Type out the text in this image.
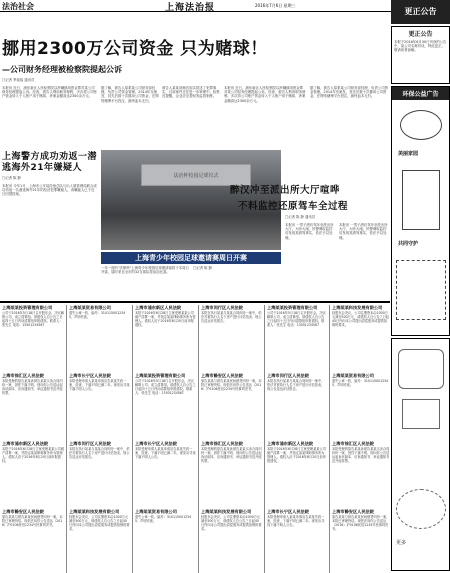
法治社会	上海法治报	2016年7月6日 星期三
更正公告
更正公告
本报于2016年6月30日刊登的公告中，某公司名称有误，特此更正。敬请读者谅解。
环保公益广告
美丽家园
共同守护
挪用2300万公司资金 只为赌球！
—公司财务经理被检察院提起公诉
□记者 季瑶瑶 通讯员
本报讯 近日，浦东新区人民检察院以涉嫌挪用资金罪对某公司财务经理提起公诉。经查，被告人利用职务便利，多次将公司账户资金转入个人账户用于赌球，涉案金额高达2300余万元。
据了解，被告人原系某公司财务部经理，负责公司资金管理。2014年至案发，其先后数十次挪用公司资金，在网络赌博平台投注，最终血本无归。
被告人某某到案后如实供述了犯罪事实，目前案件正在进一步审理中。检察官提醒，企业应完善财务监管制度。
本报讯 近日，浦东新区人民检察院以涉嫌挪用资金罪对某公司财务经理提起公诉。经查，被告人利用职务便利，多次将公司账户资金转入个人账户用于赌球，涉案金额高达2300余万元。
据了解，被告人原系某公司财务部经理，负责公司资金管理。2014年至案发，其先后数十次挪用公司资金，在网络赌博平台投注，最终血本无归。
上海警方成功劝返一潜逃海外21年嫌疑人
□记者 陈 静
本报讯 今年1月，上海市公安局经侦总队与出入境管理局联合成功劝返一名潜逃海外21年的经济犯罪嫌疑人，该嫌疑人已于近日回国投案。
法治杯校园足球仪式
上海青少年校园足球邀请赛周日开赛
一年一度的"法律杯"上海青少年校园足球邀请赛将于本周日开赛，届时来自全市的32支球队将参加比赛。
□记者 陈 静
醉汉冲至派出所大厅喧哗
不料监控还原驾车全过程
□记者 陈 静 通讯员
本报讯 一男子酒后驾车至派出所大厅，大吵大闹。民警调取监控后发现其酒驾事实，依法予以处理。
本报讯 一男子酒后驾车至派出所大厅，大吵大闹。民警调取监控后发现其酒驾事实，依法予以处理。
上海某某投资管理有限公司
公司于2016年5月18日召开股东会，决议解散公司，成立清算组。请债权人自公告之日起四十五日内向清算组申报债权。联系人：张先生 电话：13501234567
上海市徐汇区人民法院
本院受理的原告某某诉被告某某买卖合同纠纷一案，因你下落不明，现向你公告送达起诉状副本、应诉通知书、举证通知书及开庭传票。
上海市浦东新区人民法院
本院于2016年6月28日立案受理某某公司破产清算一案，并指定某某律师事务所为管理人。债权人应于2016年8月20日前申报债权。
上海市静安区人民法院
原告某某与被告某某民间借贷纠纷一案，本院已审理终结。现依法向你公告送达（2016）沪0106民初1234号民事判决书。
上海某某贸易有限公司
遗失公章一枚，编号：3101150012345，声明作废。
上海市长宁区人民法院
本院受理申请人某某申请宣告某某失踪一案，经查，下落不明已满二年。现发出寻找下落不明人公告。
上海市闵行区人民法院
本院在执行某某与某某合同纠纷一案中，依法对被执行人名下房产进行评估拍卖，现公告送达评估报告。
上海某某科技发展有限公司
经股东会决议，公司注册资本由1000万元减至500万元，请债权人自公告之日起45日内向本公司提出清偿债务或提供担保的要求。
上海市浦东新区人民法院
本院于2016年6月28日立案受理某某公司破产清算一案，并指定某某律师事务所为管理人。债权人应于2016年8月20日前申报债权。
上海某某投资管理有限公司
公司于2016年5月18日召开股东会，决议解散公司，成立清算组。请债权人自公告之日起四十五日内向清算组申报债权。联系人：张先生 电话：13501234567
上海市长宁区人民法院
本院受理申请人某某申请宣告某某失踪一案，经查，下落不明已满二年。现发出寻找下落不明人公告。
上海某某贸易有限公司
遗失公章一枚，编号：3101150012345，声明作废。
上海市闵行区人民法院
本院在执行某某与某某合同纠纷一案中，依法对被执行人名下房产进行评估拍卖，现公告送达评估报告。
上海市静安区人民法院
原告某某与被告某某民间借贷纠纷一案，本院已审理终结。现依法向你公告送达（2016）沪0106民初1234号民事判决书。
上海市徐汇区人民法院
本院受理的原告某某诉被告某某买卖合同纠纷一案，因你下落不明，现向你公告送达起诉状副本、应诉通知书、举证通知书及开庭传票。
上海某某科技发展有限公司
经股东会决议，公司注册资本由1000万元减至500万元，请债权人自公告之日起45日内向本公司提出清偿债务或提供担保的要求。
上海某某投资管理有限公司
公司于2016年5月18日召开股东会，决议解散公司，成立清算组。请债权人自公告之日起四十五日内向清算组申报债权。联系人：张先生 电话：13501234567
上海市闵行区人民法院
本院在执行某某与某某合同纠纷一案中，依法对被执行人名下房产进行评估拍卖，现公告送达评估报告。
上海市浦东新区人民法院
本院于2016年6月28日立案受理某某公司破产清算一案，并指定某某律师事务所为管理人。债权人应于2016年8月20日前申报债权。
上海市长宁区人民法院
本院受理申请人某某申请宣告某某失踪一案，经查，下落不明已满二年。现发出寻找下落不明人公告。
上海某某科技发展有限公司
经股东会决议，公司注册资本由1000万元减至500万元，请债权人自公告之日起45日内向本公司提出清偿债务或提供担保的要求。
上海某某贸易有限公司
遗失公章一枚，编号：3101150012345，声明作废。
上海市徐汇区人民法院
本院受理的原告某某诉被告某某买卖合同纠纷一案，因你下落不明，现向你公告送达起诉状副本、应诉通知书、举证通知书及开庭传票。
上海市静安区人民法院
原告某某与被告某某民间借贷纠纷一案，本院已审理终结。现依法向你公告送达（2016）沪0106民初1234号民事判决书。
更多
